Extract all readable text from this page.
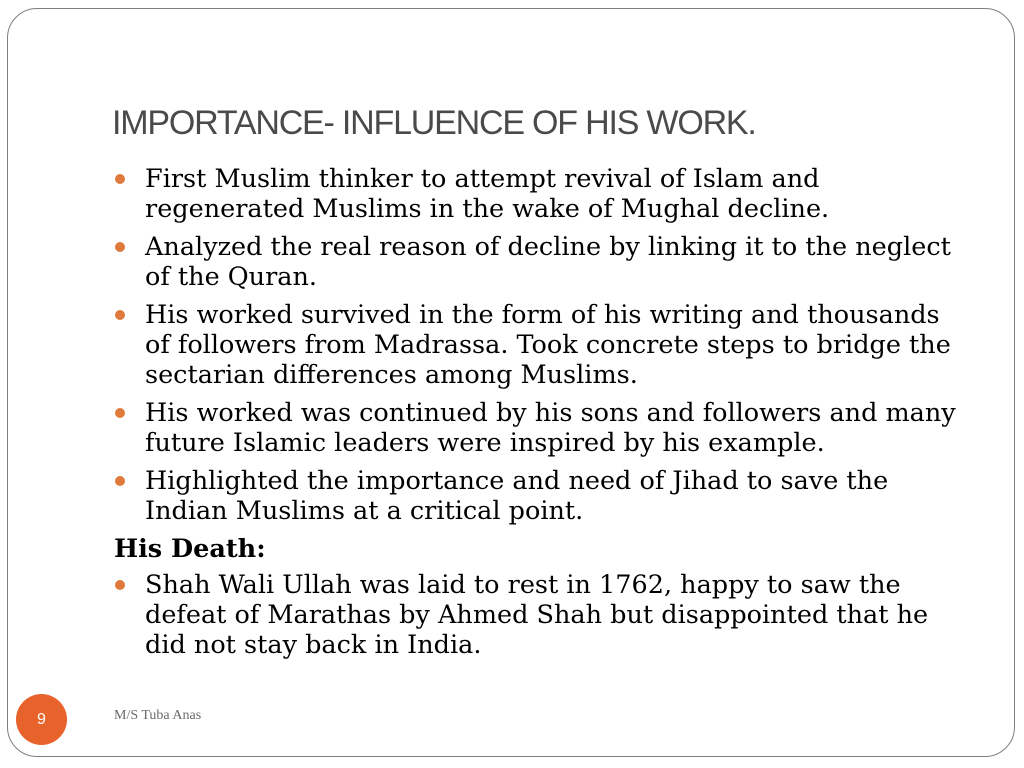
IMPORTANCE- INFLUENCE OF HIS WORK.
First Muslim thinker to attempt revival of Islam and regenerated Muslims in the wake of Mughal decline.
Analyzed the real reason of decline by linking it to the neglect of the Quran.
His worked survived in the form of his writing and thousands of followers from Madrassa. Took concrete steps to bridge the sectarian differences among Muslims.
His worked was continued by his sons and followers and many future Islamic leaders were inspired by his example.
Highlighted the importance and need of Jihad to save the Indian Muslims at a critical point.
His Death:
Shah Wali Ullah was laid to rest in 1762, happy to saw the defeat of Marathas by Ahmed Shah but disappointed that he did not stay back in India.
9	M/S Tuba Anas
